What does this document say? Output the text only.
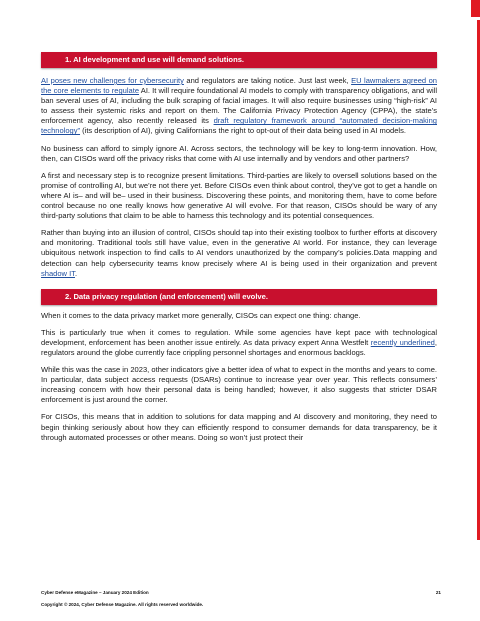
1. AI development and use will demand solutions.

AI poses new challenges for cybersecurity and regulators are taking notice. Just last week, EU lawmakers agreed on the core elements to regulate AI. It will require foundational AI models to comply with transparency obligations, and will ban several uses of AI, including the bulk scraping of facial images. It will also require businesses using “high-risk” AI to assess their systemic risks and report on them. The California Privacy Protection Agency (CPPA), the state’s enforcement agency, also recently released its draft regulatory framework around “automated decision-making technology” (its description of AI), giving Californians the right to opt-out of their data being used in AI models.

No business can afford to simply ignore AI. Across sectors, the technology will be key to long-term innovation. How, then, can CISOs ward off the privacy risks that come with AI use internally and by vendors and other partners?

A first and necessary step is to recognize present limitations. Third-parties are likely to oversell solutions based on the promise of controlling AI, but we’re not there yet. Before CISOs even think about control, they’ve got to get a handle on where AI is– and will be– used in their business. Discovering these points, and monitoring them, have to come before control because no one really knows how generative AI will evolve. For that reason, CISOs should be wary of any third-party solutions that claim to be able to harness this technology and its potential consequences.

Rather than buying into an illusion of control, CISOs should tap into their existing toolbox to further efforts at discovery and monitoring. Traditional tools still have value, even in the generative AI world. For instance, they can leverage ubiquitous network inspection to find calls to AI vendors unauthorized by the company’s policies.Data mapping and detection can help cybersecurity teams know precisely where AI is being used in their organization and prevent shadow IT.

2. Data privacy regulation (and enforcement) will evolve.

When it comes to the data privacy market more generally, CISOs can expect one thing: change.

This is particularly true when it comes to regulation. While some agencies have kept pace with technological development, enforcement has been another issue entirely. As data privacy expert Anna Westfelt recently underlined, regulators around the globe currently face crippling personnel shortages and enormous backlogs.

While this was the case in 2023, other indicators give a better idea of what to expect in the months and years to come. In particular, data subject access requests (DSARs) continue to increase year over year. This reflects consumers’ increasing concern with how their personal data is being handled; however, it also suggests that stricter DSAR enforcement is just around the corner.

For CISOs, this means that in addition to solutions for data mapping and AI discovery and monitoring, they need to begin thinking seriously about how they can efficiently respond to consumer demands for data transparency, be it through automated processes or other means. Doing so won’t just protect their

Cyber Defense eMagazine – January 2024 Edition	21
Copyright © 2024, Cyber Defense Magazine. All rights reserved worldwide.
